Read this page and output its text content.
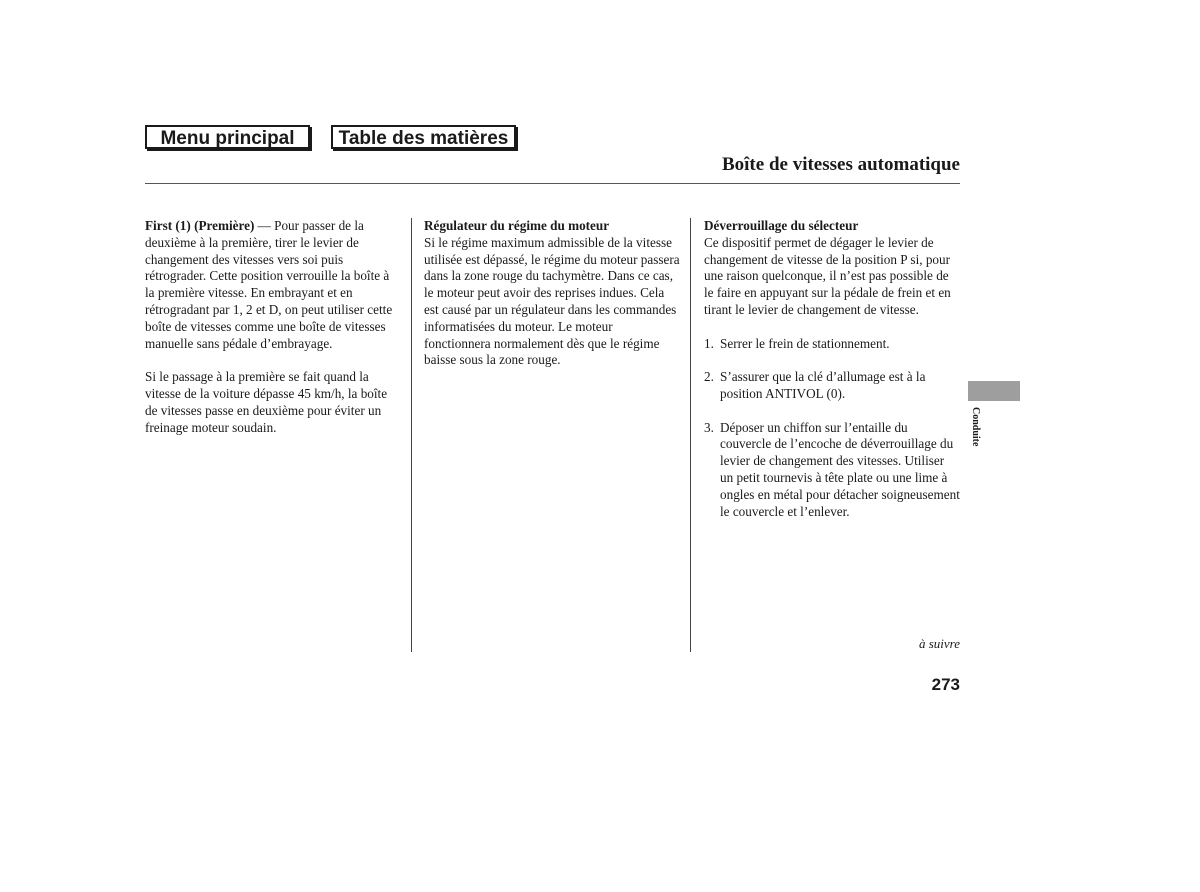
Menu principal	Table des matières
Boîte de vitesses automatique

First (1) (Première) — Pour passer de la deuxième à la première, tirer le levier de changement des vitesses vers soi puis rétrograder. Cette position verrouille la boîte à la première vitesse. En embrayant et en rétrogradant par 1, 2 et D, on peut utiliser cette boîte de vitesses comme une boîte de vitesses manuelle sans pédale d’embrayage.

Si le passage à la première se fait quand la vitesse de la voiture dépasse 45 km/h, la boîte de vitesses passe en deuxième pour éviter un freinage moteur soudain.

Régulateur du régime du moteur

Si le régime maximum admissible de la vitesse utilisée est dépassé, le régime du moteur passera dans la zone rouge du tachymètre. Dans ce cas, le moteur peut avoir des reprises indues. Cela est causé par un régulateur dans les commandes informatisées du moteur. Le moteur fonctionnera normalement dès que le régime baisse sous la zone rouge.

Déverrouillage du sélecteur

Ce dispositif permet de dégager le levier de changement de vitesse de la position P si, pour une raison quelconque, il n’est pas possible de le faire en appuyant sur la pédale de frein et en tirant le levier de changement de vitesse.

1. Serrer le frein de stationnement.
2. S’assurer que la clé d’allumage est à la position ANTIVOL (0).
3. Déposer un chiffon sur l’entaille du couvercle de l’encoche de déverrouillage du levier de changement des vitesses. Utiliser un petit tournevis à tête plate ou une lime à ongles en métal pour détacher soigneusement le couvercle et l’enlever.
Conduite
à suivre
273
